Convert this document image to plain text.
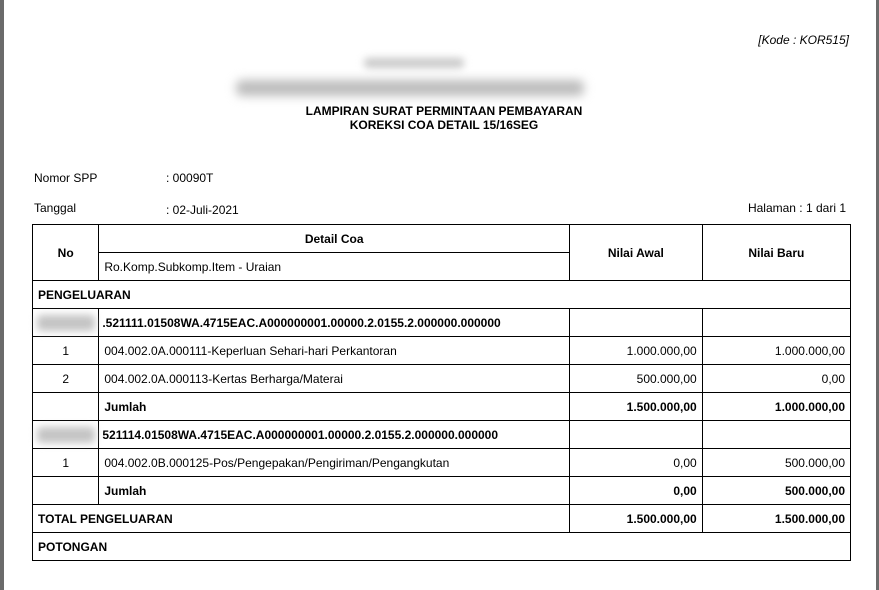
[Kode : KOR515]
LAMPIRAN SURAT PERMINTAAN PEMBAYARAN
KOREKSI COA DETAIL 15/16SEG
Nomor SPP	: 00090T
Tanggal	: 02-Juli-2021	Halaman : 1 dari 1
No	Detail Coa	Nilai Awal	Nilai Baru
	Ro.Komp.Subkomp.Item - Uraian		
PENGELUARAN			

	.521111.01508WA.4715EAC.A000000001.00000.2.0155.2.000000.000000		
1	004.002.0A.000111-Keperluan Sehari-hari Perkantoran	1.000.000,00	1.000.000,00
2	004.002.0A.000113-Kertas Berharga/Materai	500.000,00	0,00
	Jumlah	1.500.000,00	1.000.000,00

	521114.01508WA.4715EAC.A000000001.00000.2.0155.2.000000.000000		
1	004.002.0B.000125-Pos/Pengepakan/Pengiriman/Pengangkutan	0,00	500.000,00
	Jumlah	0,00	500.000,00
TOTAL PENGELUARAN		1.500.000,00	1.500.000,00
POTONGAN			
